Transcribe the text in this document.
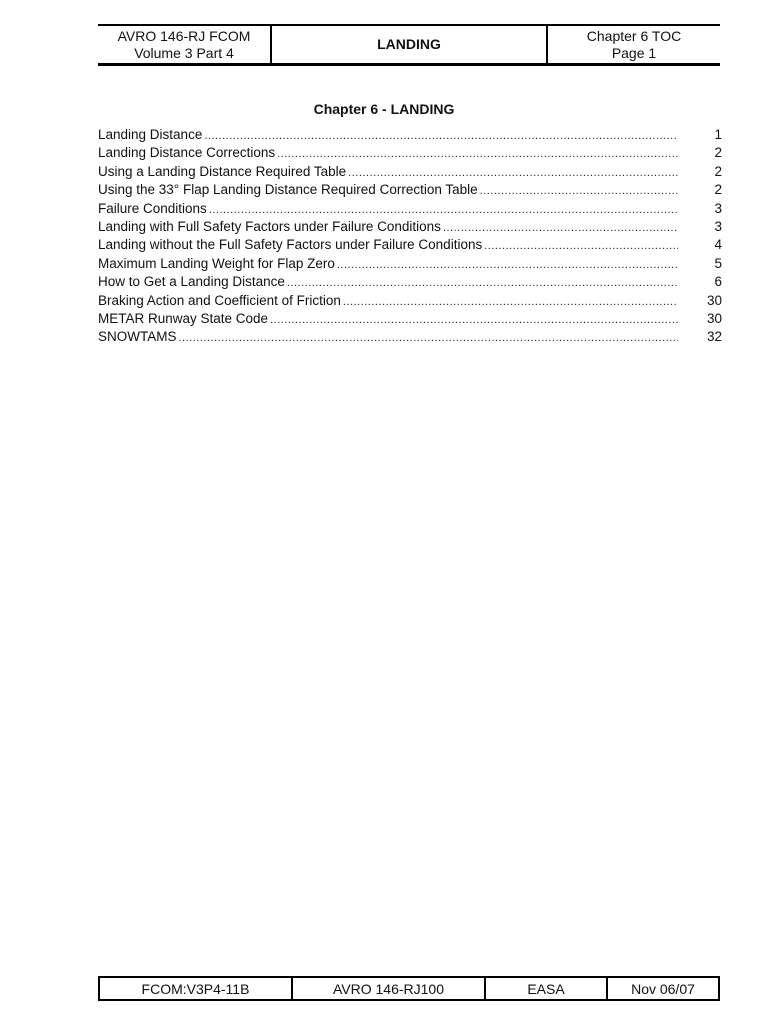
AVRO 146-RJ FCOM
Volume 3 Part 4
LANDING
Chapter 6 TOC
Page 1
Chapter 6 - LANDING
Landing Distance .....	1
Landing Distance Corrections .....	2
Using a Landing Distance Required Table .....	2
Using the 33° Flap Landing Distance Required Correction Table .....	2
Failure Conditions .....	3
Landing with Full Safety Factors under Failure Conditions .....	3
Landing without the Full Safety Factors under Failure Conditions .....	4
Maximum Landing Weight for Flap Zero .....	5
How to Get a Landing Distance .....	6
Braking Action and Coefficient of Friction .....	30
METAR Runway State Code .....	30
SNOWTAMS .....	32
FCOM:V3P4-11B	AVRO 146-RJ100	EASA	Nov 06/07
